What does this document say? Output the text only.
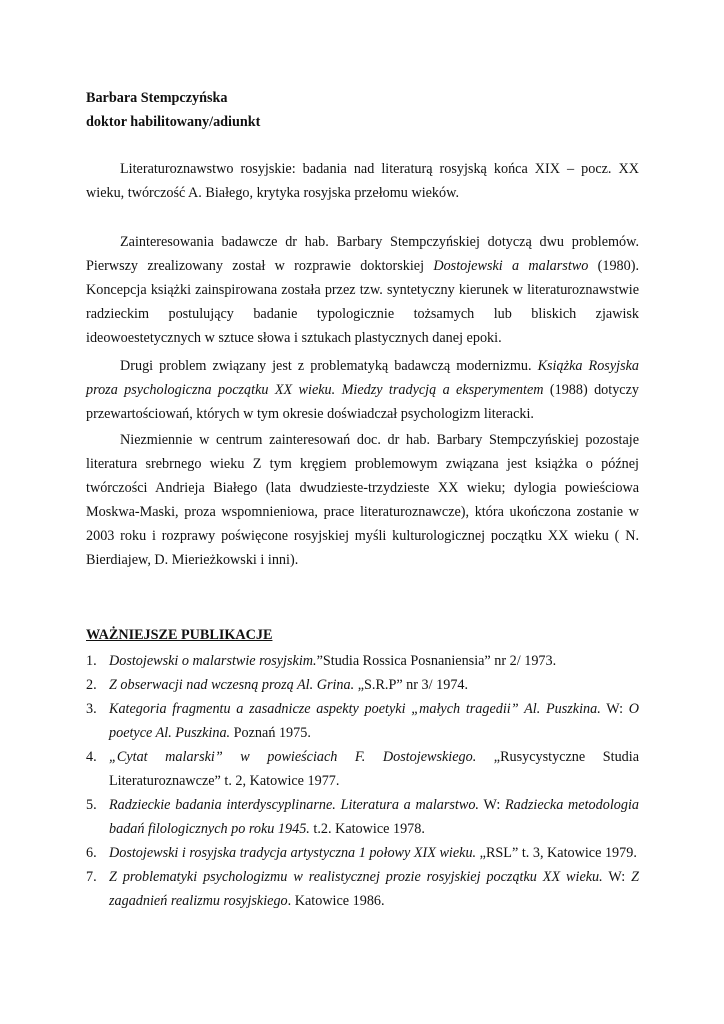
Barbara Stempczyńska
doktor habilitowany/adiunkt

Literaturoznawstwo rosyjskie: badania nad literaturą rosyjską końca XIX – pocz. XX wieku, twórczość A. Białego, krytyka rosyjska przełomu wieków.

Zainteresowania badawcze dr hab. Barbary Stempczyńskiej dotyczą dwu problemów. Pierwszy zrealizowany został w rozprawie doktorskiej Dostojewski a malarstwo (1980). Koncepcja książki zainspirowana została przez tzw. syntetyczny kierunek w literaturoznawstwie radzieckim postulujący badanie typologicznie tożsamych lub bliskich zjawisk ideowoestetycznych w sztuce słowa i sztukach plastycznych danej epoki.

Drugi problem związany jest z problematyką badawczą modernizmu. Książka Rosyjska proza psychologiczna początku XX wieku. Miedzy tradycją a eksperymentem (1988) dotyczy przewartościowań, których w tym okresie doświadczał psychologizm literacki.

Niezmiennie w centrum zainteresowań doc. dr hab. Barbary Stempczyńskiej pozostaje literatura srebrnego wieku Z tym kręgiem problemowym związana jest książka o późnej twórczości Andrieja Białego (lata dwudzieste-trzydzieste XX wieku; dylogia powieściowa Moskwa-Maski, proza wspomnieniowa, prace literaturoznawcze), która ukończona zostanie w 2003 roku i rozprawy poświęcone rosyjskiej myśli kulturologicznej początku XX wieku ( N. Bierdiajew, D. Mierieżkowski i inni).

WAŻNIEJSZE PUBLIKACJE
1. Dostojewski o malarstwie rosyjskim.”Studia Rossica Posnaniensia” nr 2/ 1973.
2. Z obserwacji nad wczesną prozą Al. Grina. „S.R.P” nr 3/ 1974.
3. Kategoria fragmentu a zasadnicze aspekty poetyki „małych tragedii” Al. Puszkina. W: O poetyce Al. Puszkina. Poznań 1975.
4. „Cytat malarski” w powieściach F. Dostojewskiego. „Rusycystyczne Studia Literaturoznawcze” t. 2, Katowice 1977.
5. Radzieckie badania interdyscyplinarne. Literatura a malarstwo. W: Radziecka metodologia badań filologicznych po roku 1945. t.2. Katowice 1978.
6. Dostojewski i rosyjska tradycja artystyczna 1 połowy XIX wieku. „RSL” t. 3, Katowice 1979.
7. Z problematyki psychologizmu w realistycznej prozie rosyjskiej początku XX wieku. W: Z zagadnień realizmu rosyjskiego. Katowice 1986.
